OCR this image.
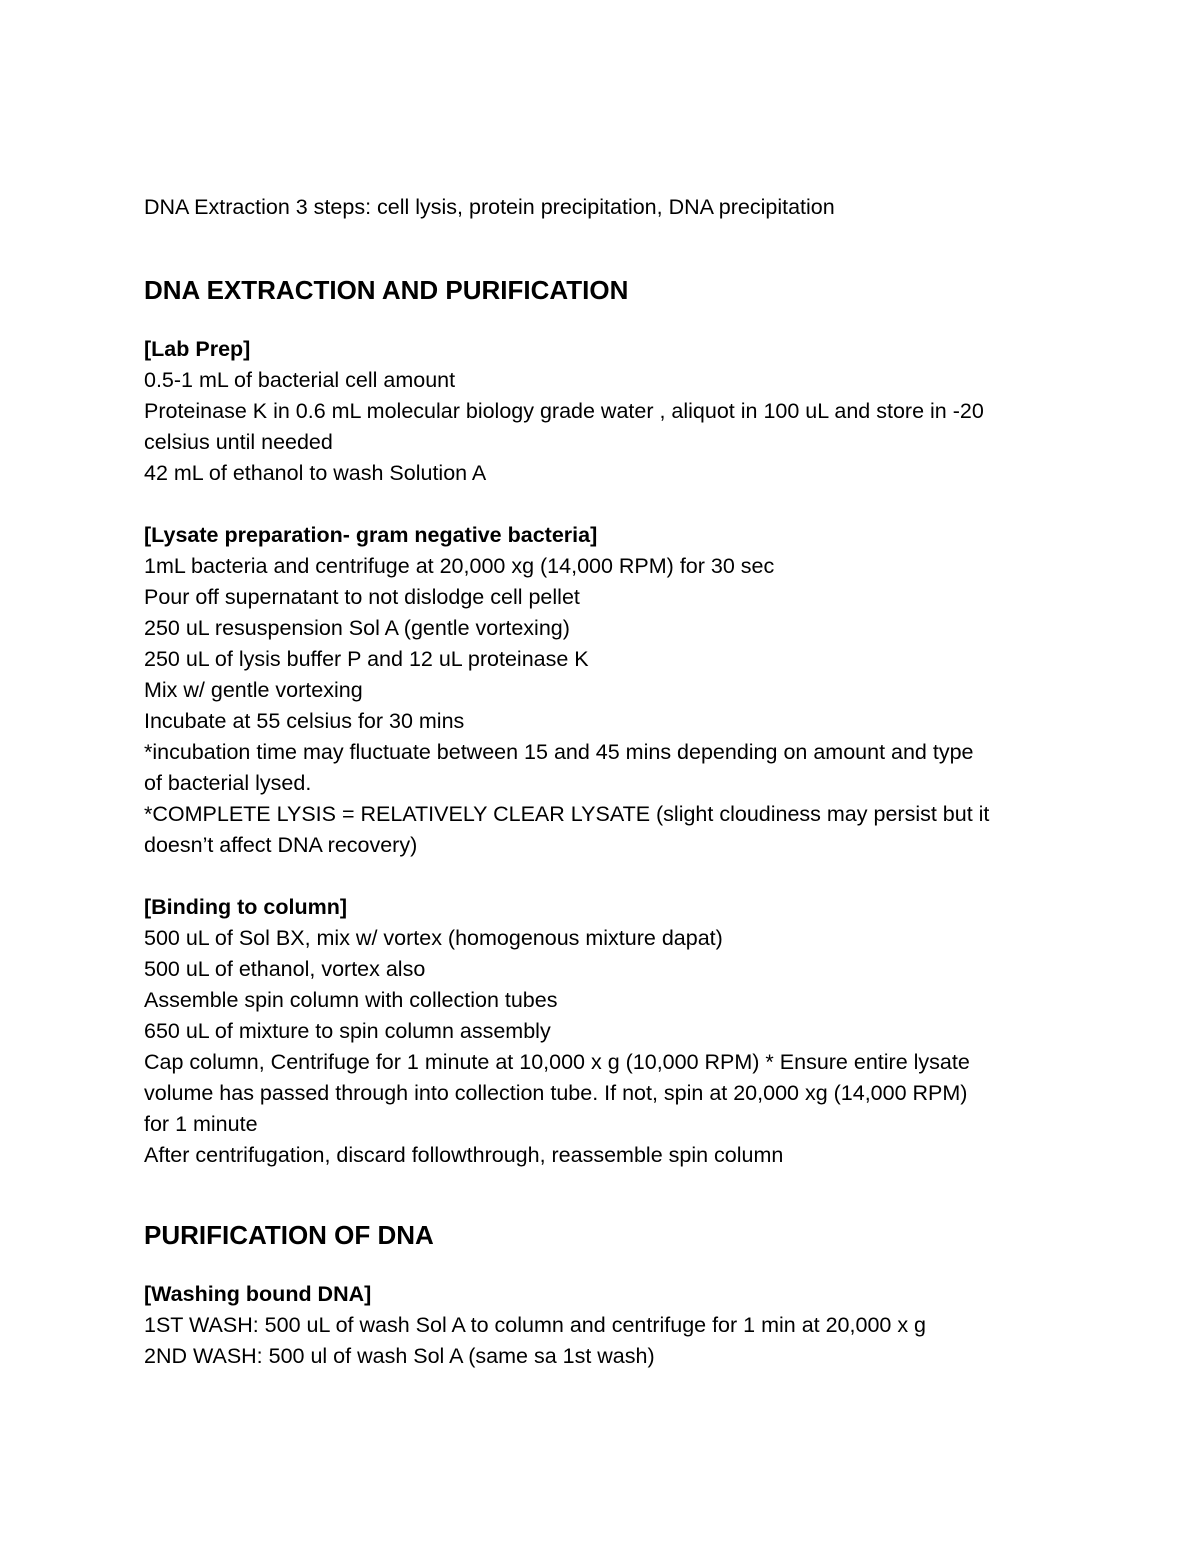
DNA Extraction 3 steps: cell lysis, protein precipitation, DNA precipitation
DNA EXTRACTION AND PURIFICATION
[Lab Prep]
0.5-1 mL of bacterial cell amount
Proteinase K in 0.6 mL molecular biology grade water , aliquot in 100 uL and store in -20
celsius until needed
42 mL of ethanol to wash Solution A
[Lysate preparation- gram negative bacteria]
1mL bacteria and centrifuge at 20,000 xg (14,000 RPM) for 30 sec
Pour off supernatant to not dislodge cell pellet
250 uL resuspension Sol A (gentle vortexing)
250 uL of lysis buffer P and 12 uL proteinase K
Mix w/ gentle vortexing
Incubate at 55 celsius for 30 mins
*incubation time may fluctuate between 15 and 45 mins depending on amount and type
of bacterial lysed.
*COMPLETE LYSIS = RELATIVELY CLEAR LYSATE (slight cloudiness may persist but it
doesn’t affect DNA recovery)
[Binding to column]
500 uL of Sol BX, mix w/ vortex (homogenous mixture dapat)
500 uL of ethanol, vortex also
Assemble spin column with collection tubes
650 uL of mixture to spin column assembly
Cap column, Centrifuge for 1 minute at 10,000 x g (10,000 RPM) * Ensure entire lysate
volume has passed through into collection tube. If not, spin at 20,000 xg (14,000 RPM)
for 1 minute
After centrifugation, discard followthrough, reassemble spin column
PURIFICATION OF DNA
[Washing bound DNA]
1ST WASH: 500 uL of wash Sol A to column and centrifuge for 1 min at 20,000 x g
2ND WASH: 500 ul of wash Sol A (same sa 1st wash)
